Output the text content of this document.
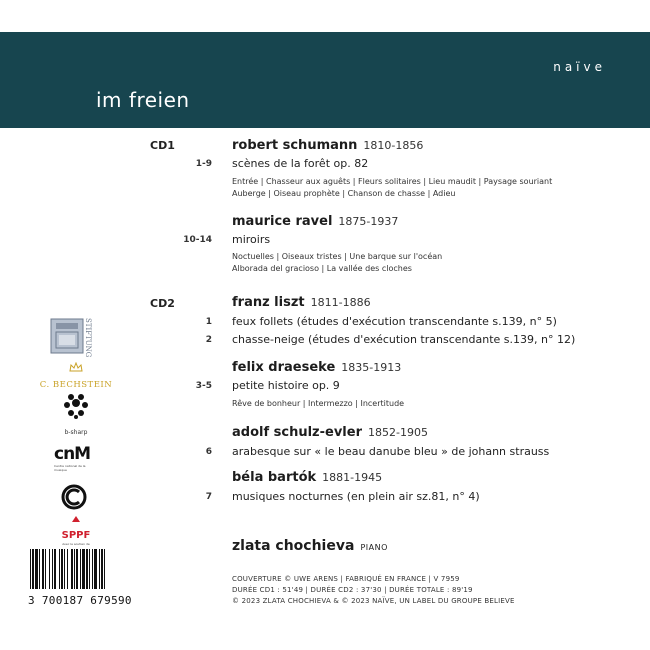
im freien
naïve
CD1	robert schumann 1810-1856
1-9 scènes de la forêt op. 82
Entrée | Chasseur aux aguêts | Fleurs solitaires | Lieu maudit | Paysage souriant
Auberge | Oiseau prophète | Chanson de chasse | Adieu
maurice ravel 1875-1937
10-14 miroirs
Noctuelles | Oiseaux tristes | Une barque sur l'océan
Alborada del gracioso | La vallée des cloches
CD2	franz liszt 1811-1886
1 feux follets (études d'exécution transcendante s.139, n° 5)
2 chasse-neige (études d'exécution transcendante s.139, n° 12)
felix draeseke 1835-1913
3-5 petite histoire op. 9
Rêve de bonheur | Intermezzo | Incertitude
adolf schulz-evler 1852-1905
6 arabesque sur « le beau danube bleu » de johann strauss
béla bartók 1881-1945
7 musiques nocturnes (en plein air sz.81, n° 4)
zlata chochieva PIANO
COUVERTURE © UWE ARENS | FABRIQUÉ EN FRANCE | V 7959
DURÉE CD1 : 51'49 | DURÉE CD2 : 37'30 | DURÉE TOTALE : 89'19
© 2023 ZLATA CHOCHIEVA & © 2023 NAÏVE, UN LABEL DU GROUPE BELIEVE
STIFTUNG
C. BECHSTEIN
b-sharp
cnM
Centre national de la musique
SPPF
Avec le soutien de
3 700187 679590
